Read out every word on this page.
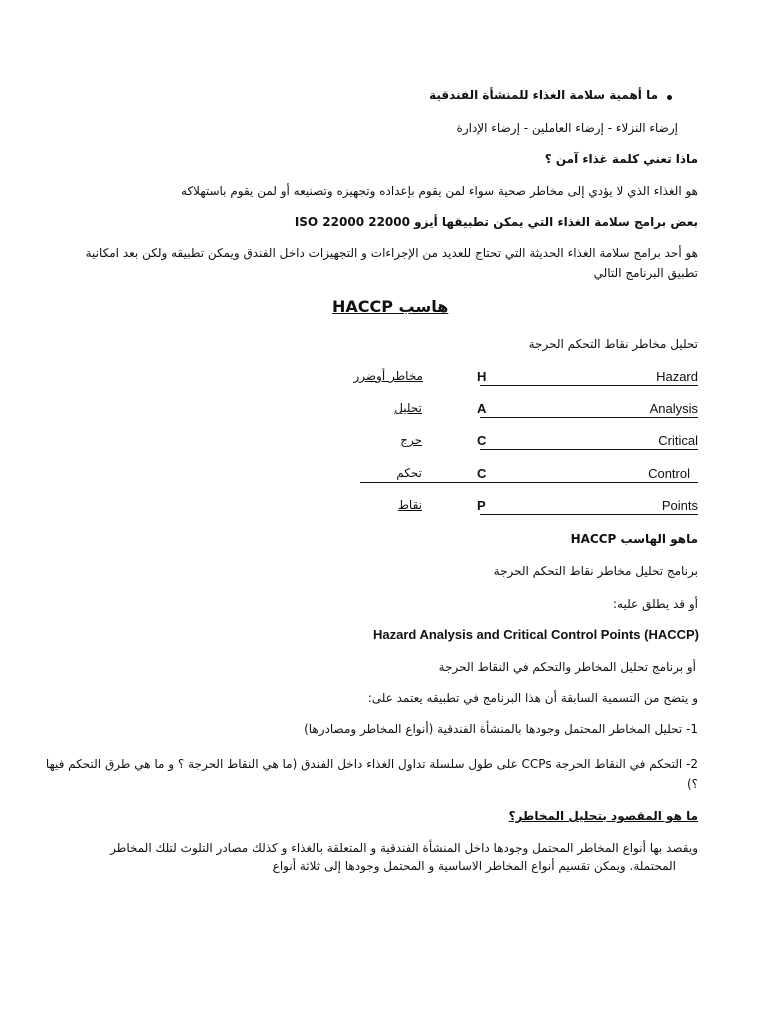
ما أهمية سلامة الغذاء للمنشأة الفندقية
إرضاء النزلاء - إرضاء العاملين - إرضاء الإدارة
ماذا تعني كلمة غذاء آمن ؟
هو الغذاء الذي لا يؤدي إلى مخاطر صحية سواء لمن يقوم بإعداده وتجهيزه وتصنيعه أو لمن يقوم باستهلاكه
بعض برامج سلامة الغذاء التي يمكن تطبيقها أيزو 22000 ISO 22000
هو أحد برامج سلامة الغذاء الحديثة التي تحتاج للعديد من الإجراءات و التجهيزات داخل الفندق ويمكن تطبيقه ولكن بعد امكانية
تطبيق البرنامج التالي
هاسب HACCP
تحليل مخاطر نقاط التحكم الحرجة
Hazard
H
مخاطر أوضرر
Analysis
A
تحليل
Critical
C
حرج
Control
C
تحكم
Points
P
نقاط
ماهو الهاسب HACCP
برنامج تحليل مخاطر نقاط التحكم الحرجة
أو قد يطلق عليه:
Hazard Analysis and Critical Control Points (HACCP)
أو برنامج تحليل المخاطر والتحكم في النقاط الحرجة
و يتضح من التسمية السابقة أن هذا البرنامج في تطبيقه يعتمد على:
1- تحليل المخاطر المحتمل وجودها بالمنشأة الفندقية (أنواع المخاطر ومصادرها)
2- التحكم في النقاط الحرجة CCPs على طول سلسلة تداول الغذاء داخل الفندق (ما هي النقاط الحرجة ؟ و ما هي طرق التحكم فيها
؟)
ما هو المقصود بتحليل المخاطر؟
ويقصد بها أنواع المخاطر المحتمل وجودها داخل المنشأة الفندقية و المتعلقة بالغذاء و كذلك مصادر التلوث لتلك المخاطر
المحتملة. ويمكن تقسيم أنواع المخاطر الاساسية و المحتمل وجودها إلى ثلاثة أنواع
